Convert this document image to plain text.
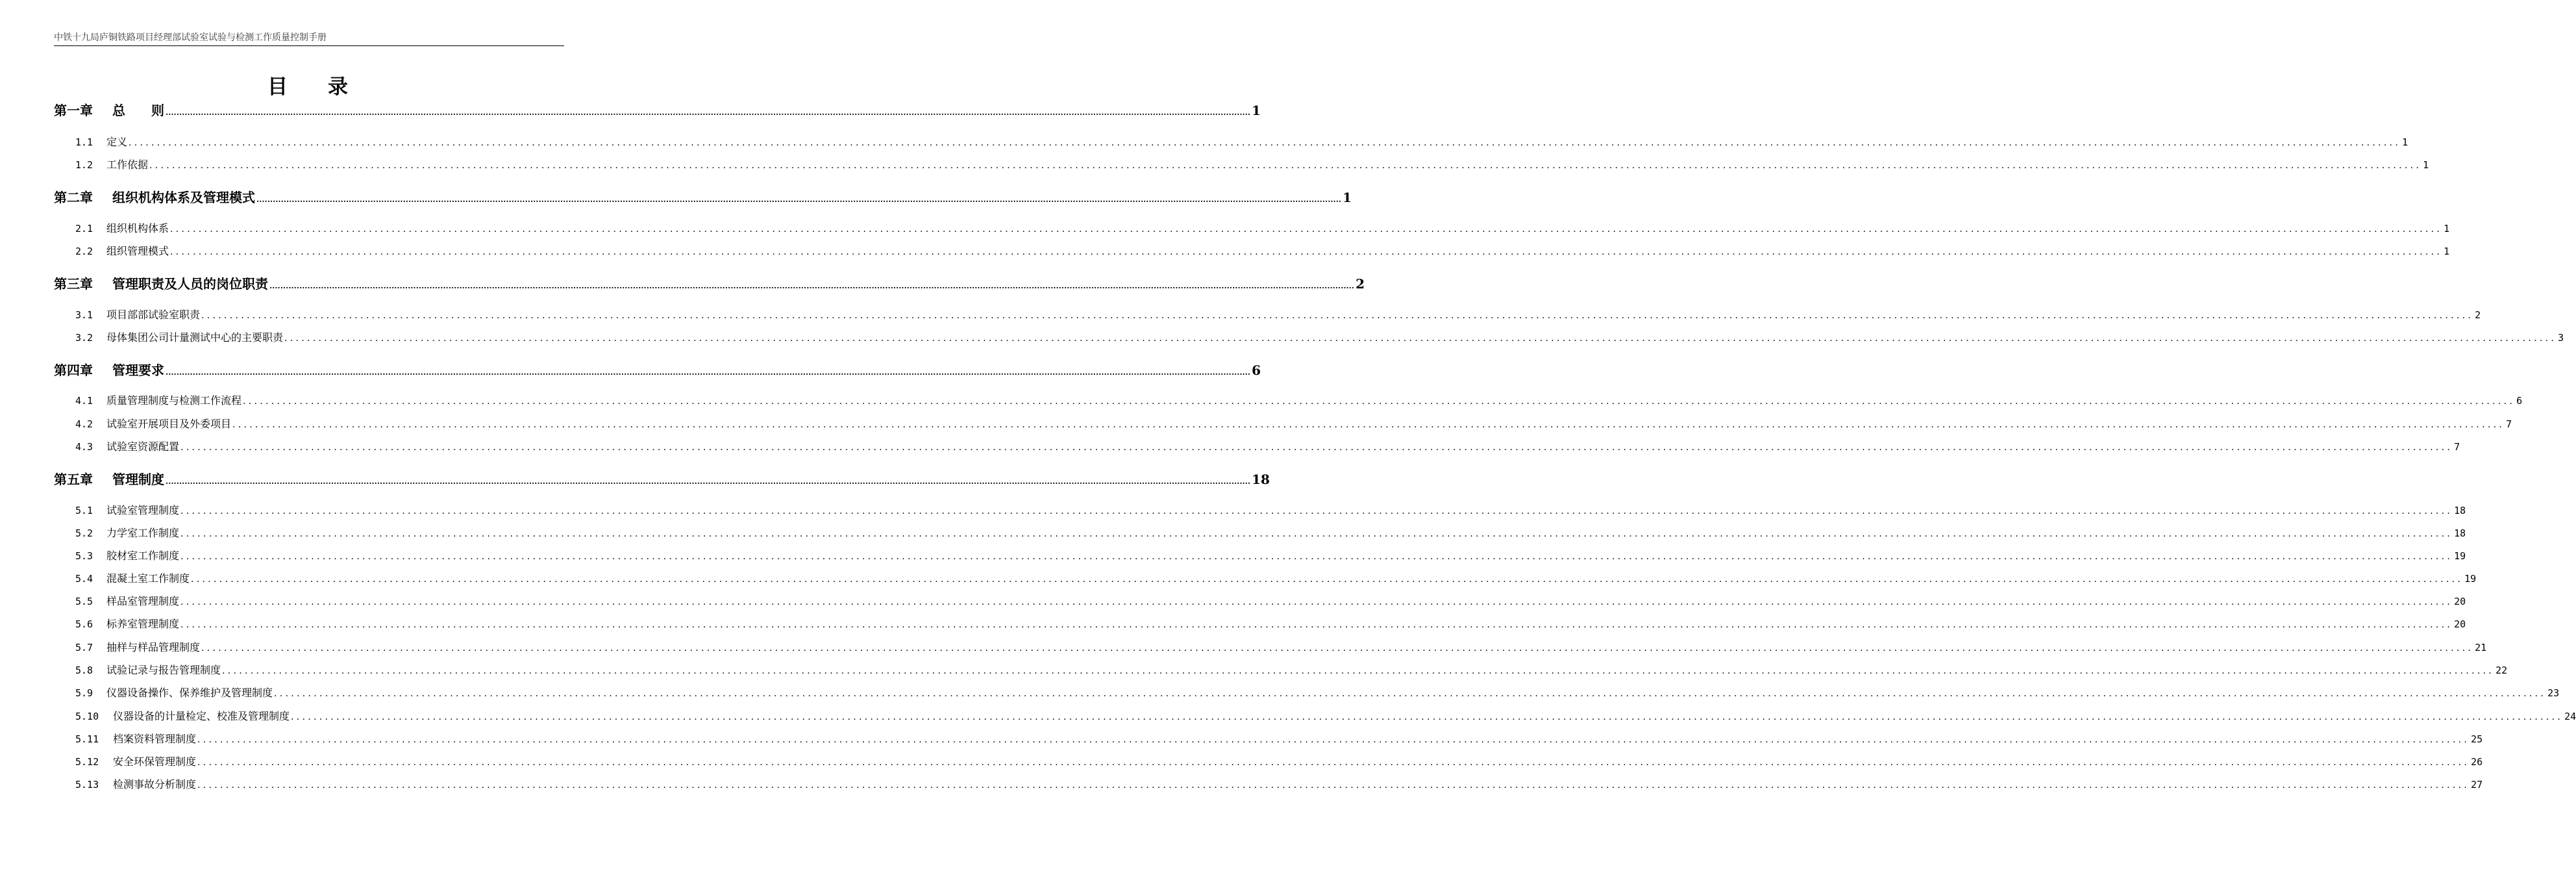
中铁十九局庐铜铁路项目经理部试验室试验与检测工作质量控制手册
目 录
第一章	总　　则 ................................................................................................................................................................................................................................................................................................................................................................................................................ 1
1.1	定义 ................................................................................................................................................................................................................................................................................................................................................................................................................ 1
1.2	工作依据 ................................................................................................................................................................................................................................................................................................................................................................................................................ 1
第二章	组织机构体系及管理模式 ................................................................................................................................................................................................................................................................................................................................................................................................................ 1
2.1	组织机构体系 ................................................................................................................................................................................................................................................................................................................................................................................................................ 1
2.2	组织管理模式 ................................................................................................................................................................................................................................................................................................................................................................................................................ 1
第三章	管理职责及人员的岗位职责 ................................................................................................................................................................................................................................................................................................................................................................................................................ 2
3.1	项目部部试验室职责 ................................................................................................................................................................................................................................................................................................................................................................................................................ 2
3.2	母体集团公司计量测试中心的主要职责 ................................................................................................................................................................................................................................................................................................................................................................................................................ 3
第四章	管理要求 ................................................................................................................................................................................................................................................................................................................................................................................................................ 6
4.1	质量管理制度与检测工作流程 ................................................................................................................................................................................................................................................................................................................................................................................................................ 6
4.2	试验室开展项目及外委项目 ................................................................................................................................................................................................................................................................................................................................................................................................................ 7
4.3	试验室资源配置 ................................................................................................................................................................................................................................................................................................................................................................................................................ 7
第五章	管理制度 ................................................................................................................................................................................................................................................................................................................................................................................................................ 18
5.1	试验室管理制度 ................................................................................................................................................................................................................................................................................................................................................................................................................ 18
5.2	力学室工作制度 ................................................................................................................................................................................................................................................................................................................................................................................................................ 18
5.3	胶材室工作制度 ................................................................................................................................................................................................................................................................................................................................................................................................................ 19
5.4	混凝土室工作制度 ................................................................................................................................................................................................................................................................................................................................................................................................................ 19
5.5	样品室管理制度 ................................................................................................................................................................................................................................................................................................................................................................................................................ 20
5.6	标养室管理制度 ................................................................................................................................................................................................................................................................................................................................................................................................................ 20
5.7	抽样与样品管理制度 ................................................................................................................................................................................................................................................................................................................................................................................................................ 21
5.8	试验记录与报告管理制度 ................................................................................................................................................................................................................................................................................................................................................................................................................ 22
5.9	仪器设备操作、保养维护及管理制度 ................................................................................................................................................................................................................................................................................................................................................................................................................ 23
5.10	仪器设备的计量检定、校准及管理制度 ................................................................................................................................................................................................................................................................................................................................................................................................................ 24
5.11	档案资料管理制度 ................................................................................................................................................................................................................................................................................................................................................................................................................ 25
5.12	安全环保管理制度 ................................................................................................................................................................................................................................................................................................................................................................................................................ 26
5.13	检测事故分析制度 ................................................................................................................................................................................................................................................................................................................................................................................................................ 27
